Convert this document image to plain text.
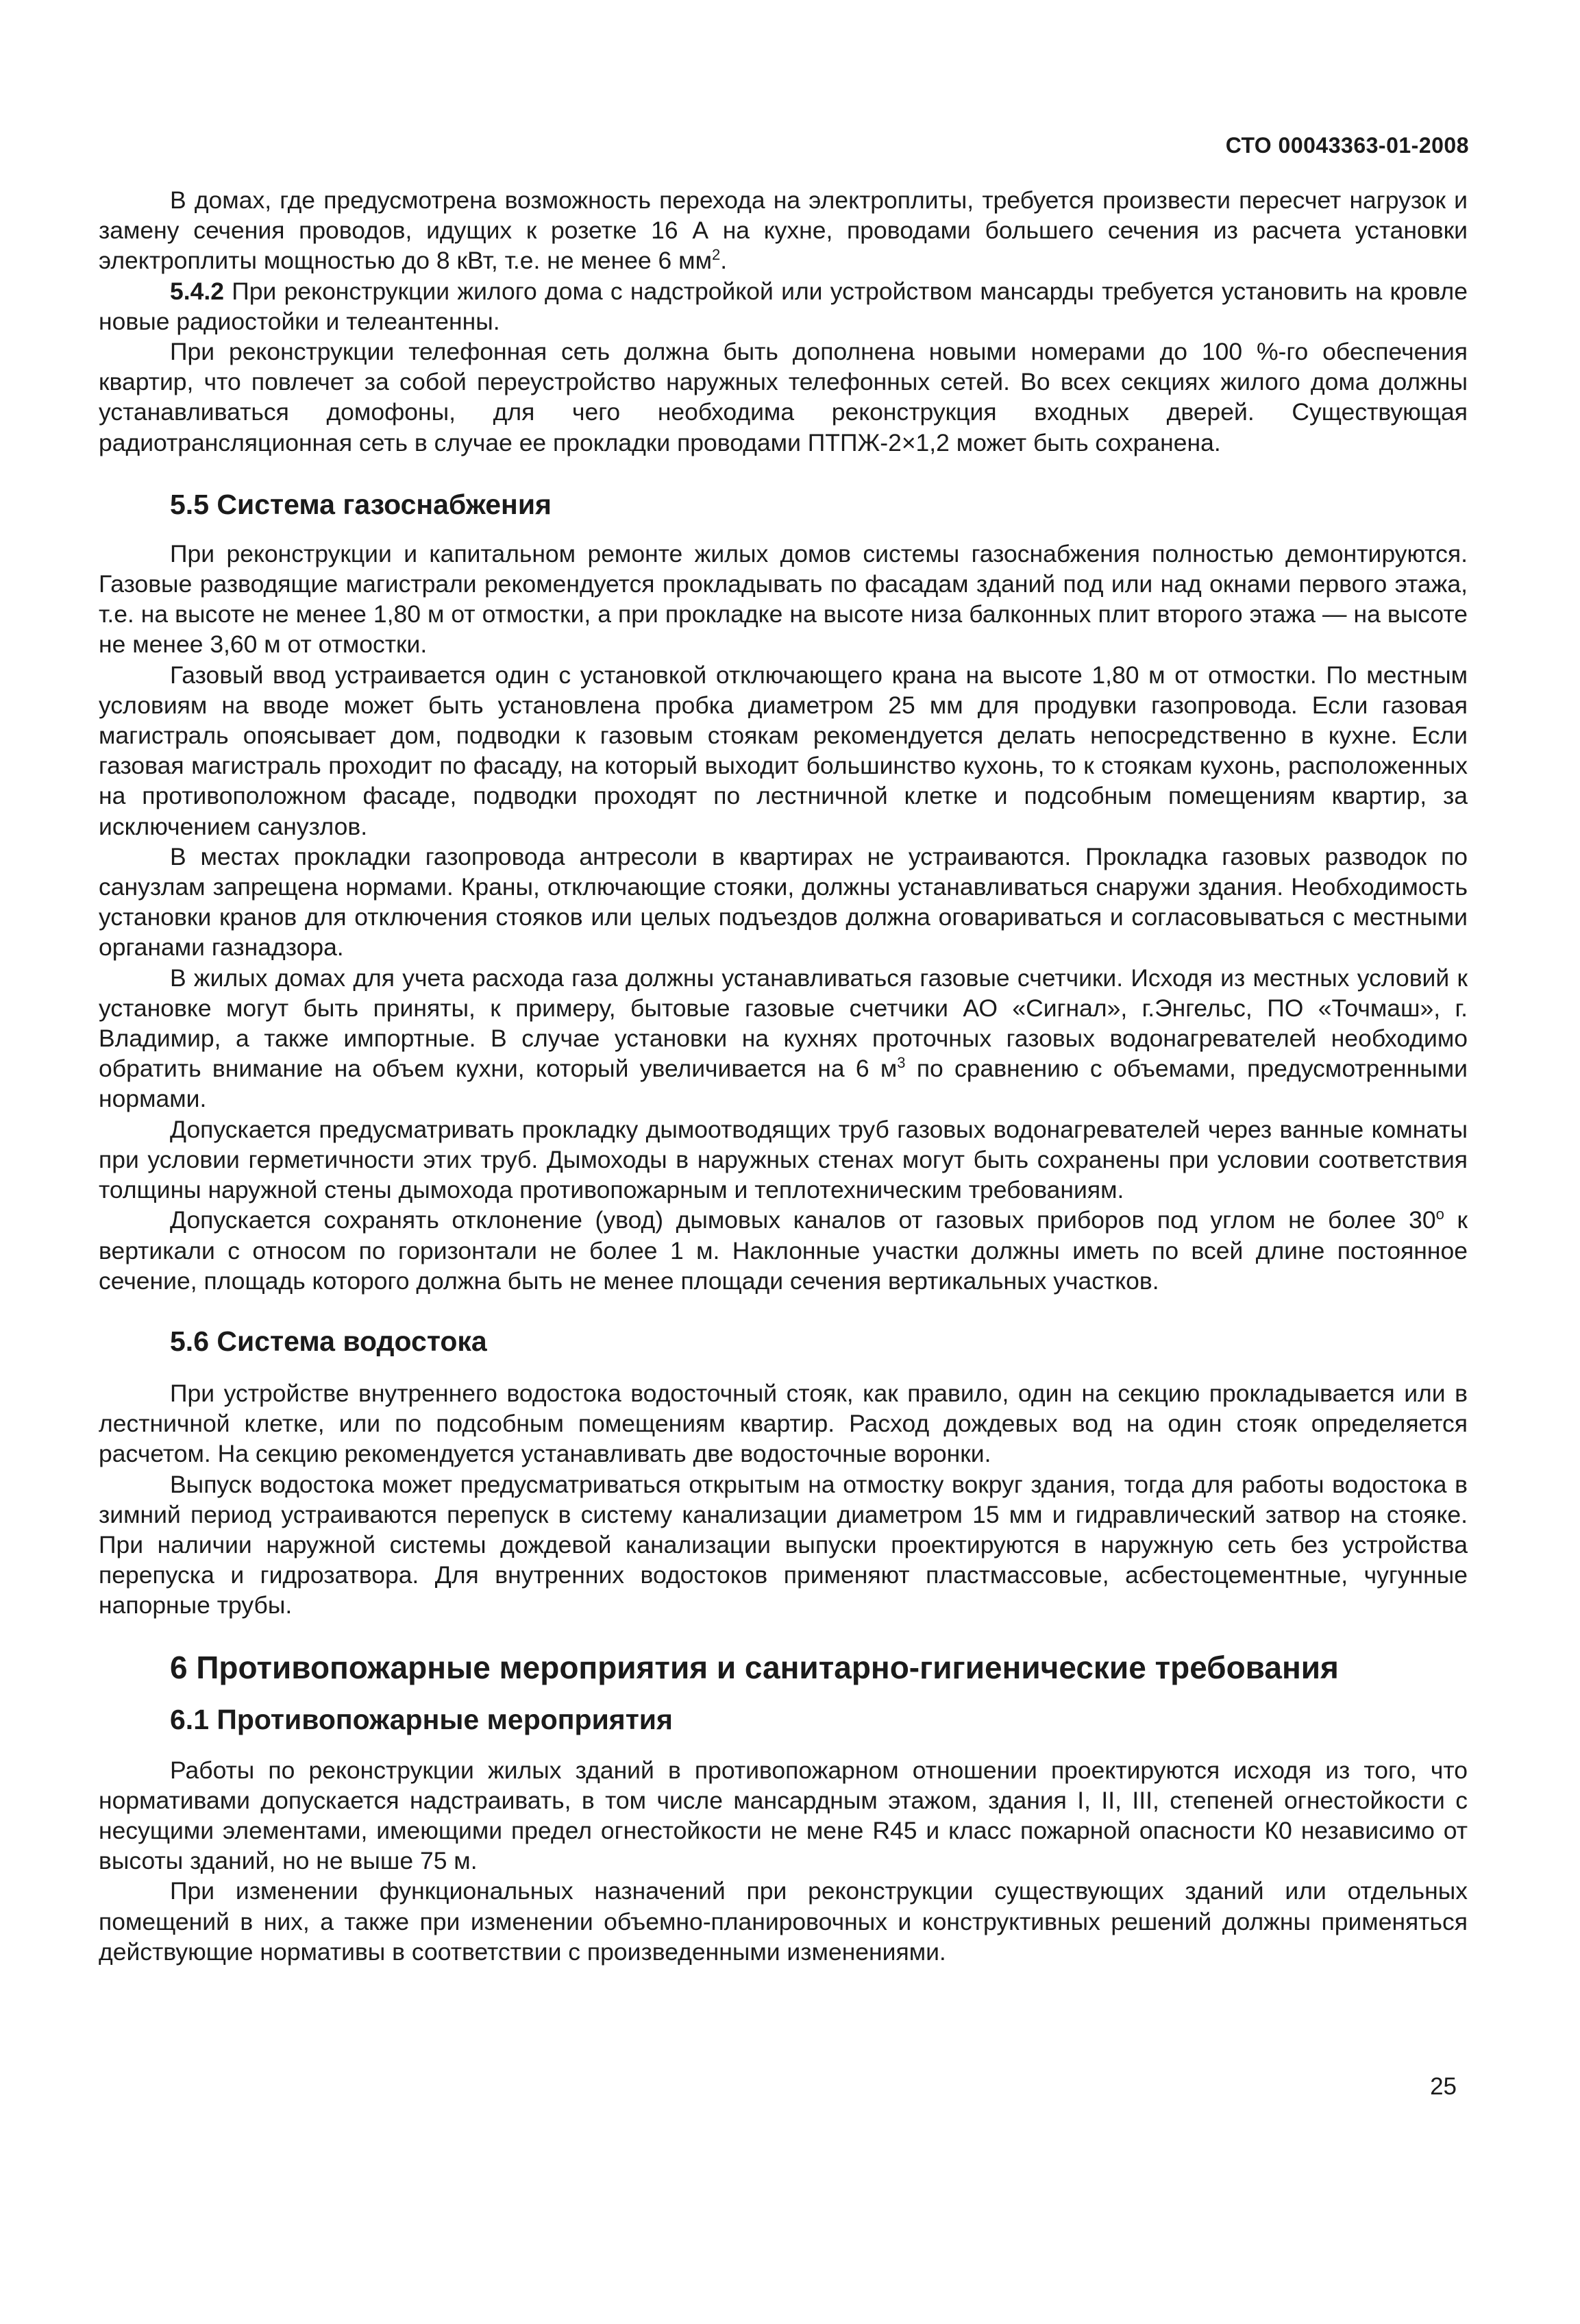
СТО 00043363-01-2008

В домах, где предусмотрена возможность перехода на электроплиты, требуется произвести пересчет нагрузок и замену сечения проводов, идущих к розетке 16 А на кухне, проводами большего сечения из расчета установки электроплиты мощностью до 8 кВт, т.е. не менее 6 $мм^2$.

5.4.2 При реконструкции жилого дома с надстройкой или устройством мансарды требуется установить на кровле новые радиостойки и телеантенны.

При реконструкции телефонная сеть должна быть дополнена новыми номерами до 100 %-го обеспечения квартир, что повлечет за собой переустройство наружных телефонных сетей. Во всех секциях жилого дома должны устанавливаться домофоны, для чего необходима реконструкция входных дверей. Существующая радиотрансляционная сеть в случае ее прокладки проводами ПТПЖ-2×1,2 может быть сохранена.

5.5 Система газоснабжения

При реконструкции и капитальном ремонте жилых домов системы газоснабжения полностью демонтируются. Газовые разводящие магистрали рекомендуется прокладывать по фасадам зданий под или над окнами первого этажа, т.е. на высоте не менее 1,80 м от отмостки, а при прокладке на высоте низа балконных плит второго этажа — на высоте не менее 3,60 м от отмостки.

Газовый ввод устраивается один с установкой отключающего крана на высоте 1,80 м от отмостки. По местным условиям на вводе может быть установлена пробка диаметром 25 мм для продувки газопровода. Если газовая магистраль опоясывает дом, подводки к газовым стоякам рекомендуется делать непосредственно в кухне. Если газовая магистраль проходит по фасаду, на который выходит большинство кухонь, то к стоякам кухонь, расположенных на противоположном фасаде, подводки проходят по лестничной клетке и подсобным помещениям квартир, за исключением санузлов.

В местах прокладки газопровода антресоли в квартирах не устраиваются. Прокладка газовых разводок по санузлам запрещена нормами. Краны, отключающие стояки, должны устанавливаться снаружи здания. Необходимость установки кранов для отключения стояков или целых подъездов должна оговариваться и согласовываться с местными органами газнадзора.

В жилых домах для учета расхода газа должны устанавливаться газовые счетчики. Исходя из местных условий к установке могут быть приняты, к примеру, бытовые газовые счетчики АО «Сигнал», г.Энгельс, ПО «Точмаш», г. Владимир, а также импортные. В случае установки на кухнях проточных газовых водонагревателей необходимо обратить внимание на объем кухни, который увеличивается на 6 $м^3$ по сравнению с объемами, предусмотренными нормами.

Допускается предусматривать прокладку дымоотводящих труб газовых водонагревателей через ванные комнаты при условии герметичности этих труб. Дымоходы в наружных стенах могут быть сохранены при условии соответствия толщины наружной стены дымохода противопожарным и теплотехническим требованиям.

Допускается сохранять отклонение (увод) дымовых каналов от газовых приборов под углом не более 30$^o$ к вертикали с относом по горизонтали не более 1 м. Наклонные участки должны иметь по всей длине постоянное сечение, площадь которого должна быть не менее площади сечения вертикальных участков.

5.6 Система водостока

При устройстве внутреннего водостока водосточный стояк, как правило, один на секцию прокладывается или в лестничной клетке, или по подсобным помещениям квартир. Расход дождевых вод на один стояк определяется расчетом. На секцию рекомендуется устанавливать две водосточные воронки.

Выпуск водостока может предусматриваться открытым на отмостку вокруг здания, тогда для работы водостока в зимний период устраиваются перепуск в систему канализации диаметром 15 мм и гидравлический затвор на стояке. При наличии наружной системы дождевой канализации выпуски проектируются в наружную сеть без устройства перепуска и гидрозатвора. Для внутренних водостоков применяют пластмассовые, асбестоцементные, чугунные напорные трубы.

6 Противопожарные мероприятия и санитарно-гигиенические требования
6.1 Противопожарные мероприятия

Работы по реконструкции жилых зданий в противопожарном отношении проектируются исходя из того, что нормативами допускается надстраивать, в том числе мансардным этажом, здания I, II, III, степеней огнестойкости с несущими элементами, имеющими предел огнестойкости не мене R45 и класс пожарной опасности К0 независимо от высоты зданий, но не выше 75 м.

При изменении функциональных назначений при реконструкции существующих зданий или отдельных помещений в них, а также при изменении объемно-планировочных и конструктивных решений должны применяться действующие нормативы в соответствии с произведенными изменениями.

25
